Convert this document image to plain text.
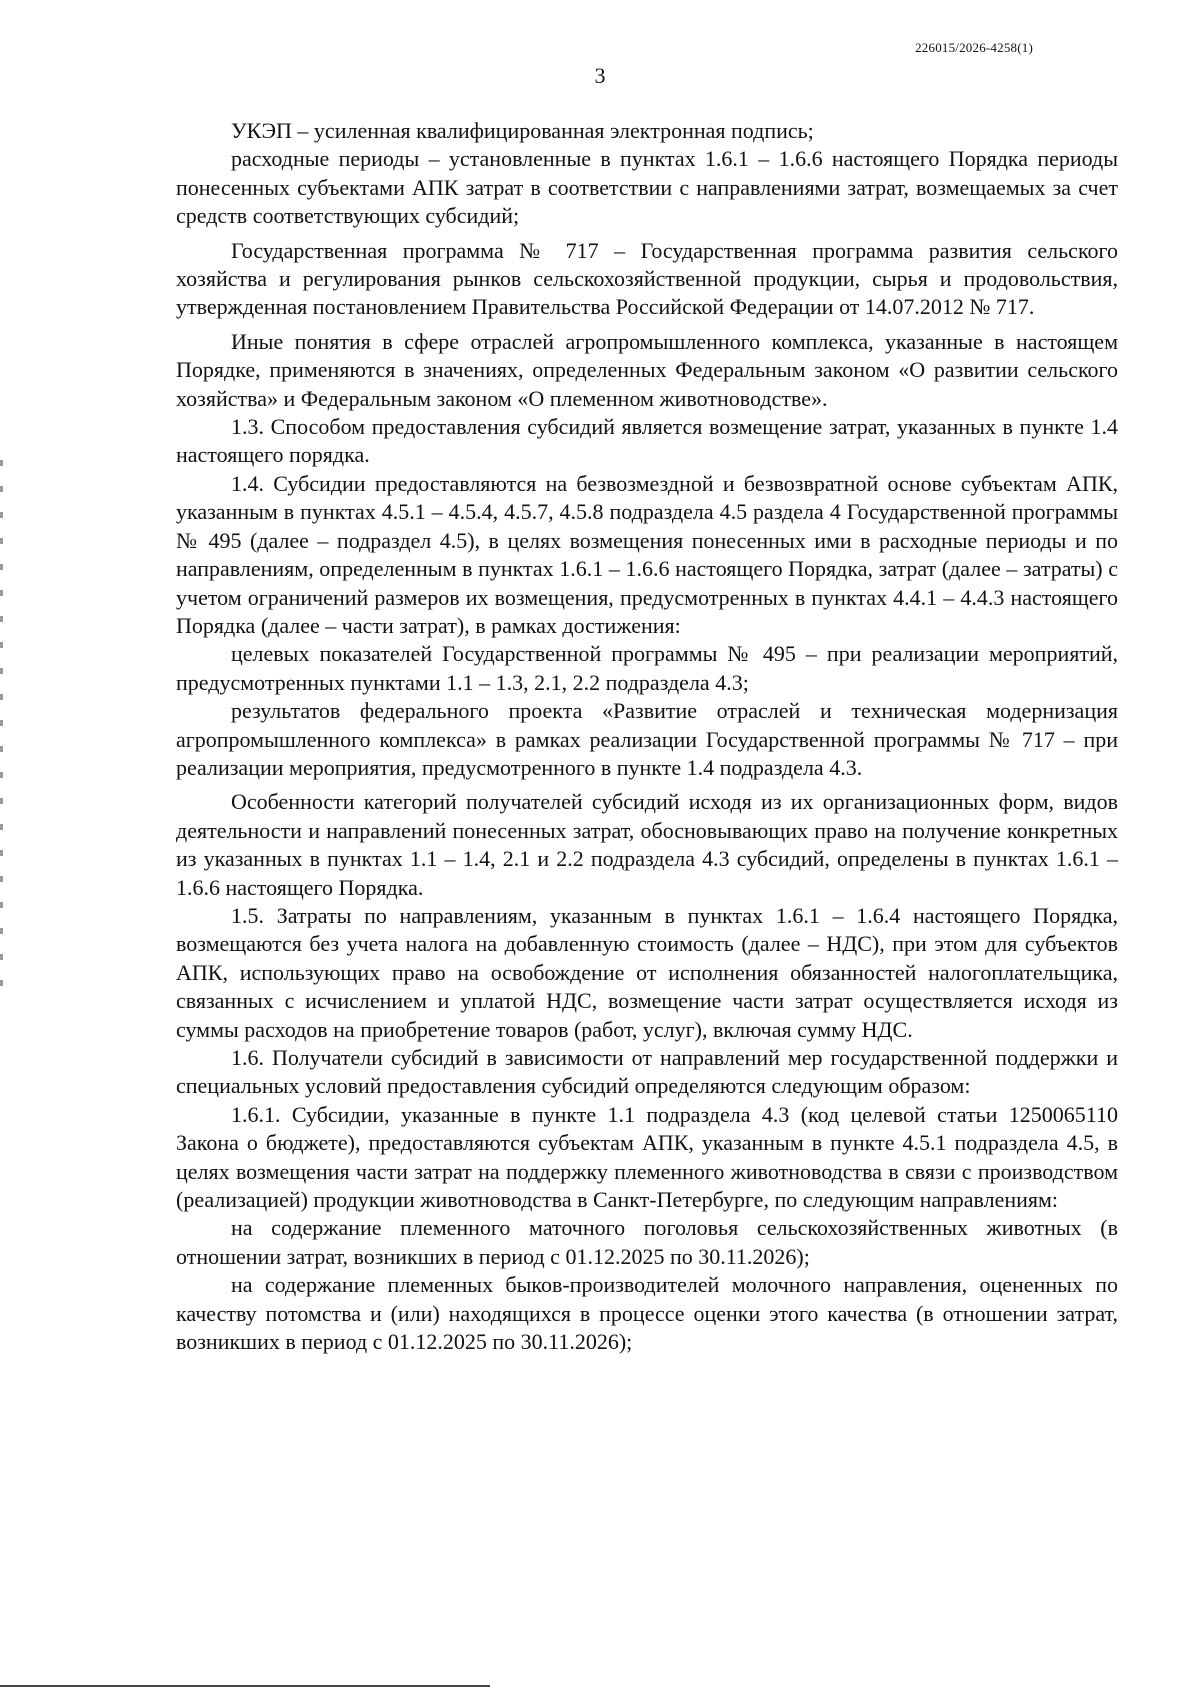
226015/2026-4258(1)
3

УКЭП – усиленная квалифицированная электронная подпись;

расходные периоды – установленные в пунктах 1.6.1 – 1.6.6 настоящего Порядка периоды понесенных субъектами АПК затрат в соответствии с направлениями затрат, возмещаемых за счет средств соответствующих субсидий;

Государственная программа № 717 – Государственная программа развития сельского хозяйства и регулирования рынков сельскохозяйственной продукции, сырья и продовольствия, утвержденная постановлением Правительства Российской Федерации от 14.07.2012 № 717.

Иные понятия в сфере отраслей агропромышленного комплекса, указанные в настоящем Порядке, применяются в значениях, определенных Федеральным законом «О развитии сельского хозяйства» и Федеральным законом «О племенном животноводстве».

1.3. Способом предоставления субсидий является возмещение затрат, указанных в пункте 1.4 настоящего порядка.

1.4. Субсидии предоставляются на безвозмездной и безвозвратной основе субъектам АПК, указанным в пунктах 4.5.1 – 4.5.4, 4.5.7, 4.5.8 подраздела 4.5 раздела 4 Государственной программы № 495 (далее – подраздел 4.5), в целях возмещения понесенных ими в расходные периоды и по направлениям, определенным в пунктах 1.6.1 – 1.6.6 настоящего Порядка, затрат (далее – затраты) с учетом ограничений размеров их возмещения, предусмотренных в пунктах 4.4.1 – 4.4.3 настоящего Порядка (далее – части затрат), в рамках достижения:

целевых показателей Государственной программы № 495 – при реализации мероприятий, предусмотренных пунктами 1.1 – 1.3, 2.1, 2.2 подраздела 4.3;

результатов федерального проекта «Развитие отраслей и техническая модернизация агропромышленного комплекса» в рамках реализации Государственной программы № 717 – при реализации мероприятия, предусмотренного в пункте 1.4 подраздела 4.3.

Особенности категорий получателей субсидий исходя из их организационных форм, видов деятельности и направлений понесенных затрат, обосновывающих право на получение конкретных из указанных в пунктах 1.1 – 1.4, 2.1 и 2.2 подраздела 4.3 субсидий, определены в пунктах 1.6.1 – 1.6.6 настоящего Порядка.

1.5. Затраты по направлениям, указанным в пунктах 1.6.1 – 1.6.4 настоящего Порядка, возмещаются без учета налога на добавленную стоимость (далее – НДС), при этом для субъектов АПК, использующих право на освобождение от исполнения обязанностей налогоплательщика, связанных с исчислением и уплатой НДС, возмещение части затрат осуществляется исходя из суммы расходов на приобретение товаров (работ, услуг), включая сумму НДС.

1.6. Получатели субсидий в зависимости от направлений мер государственной поддержки и специальных условий предоставления субсидий определяются следующим образом:

1.6.1. Субсидии, указанные в пункте 1.1 подраздела 4.3 (код целевой статьи 1250065110 Закона о бюджете), предоставляются субъектам АПК, указанным в пункте 4.5.1 подраздела 4.5, в целях возмещения части затрат на поддержку племенного животноводства в связи с производством (реализацией) продукции животноводства в Санкт-Петербурге, по следующим направлениям:

на содержание племенного маточного поголовья сельскохозяйственных животных (в отношении затрат, возникших в период с 01.12.2025 по 30.11.2026);

на содержание племенных быков-производителей молочного направления, оцененных по качеству потомства и (или) находящихся в процессе оценки этого качества (в отношении затрат, возникших в период с 01.12.2025 по 30.11.2026);
